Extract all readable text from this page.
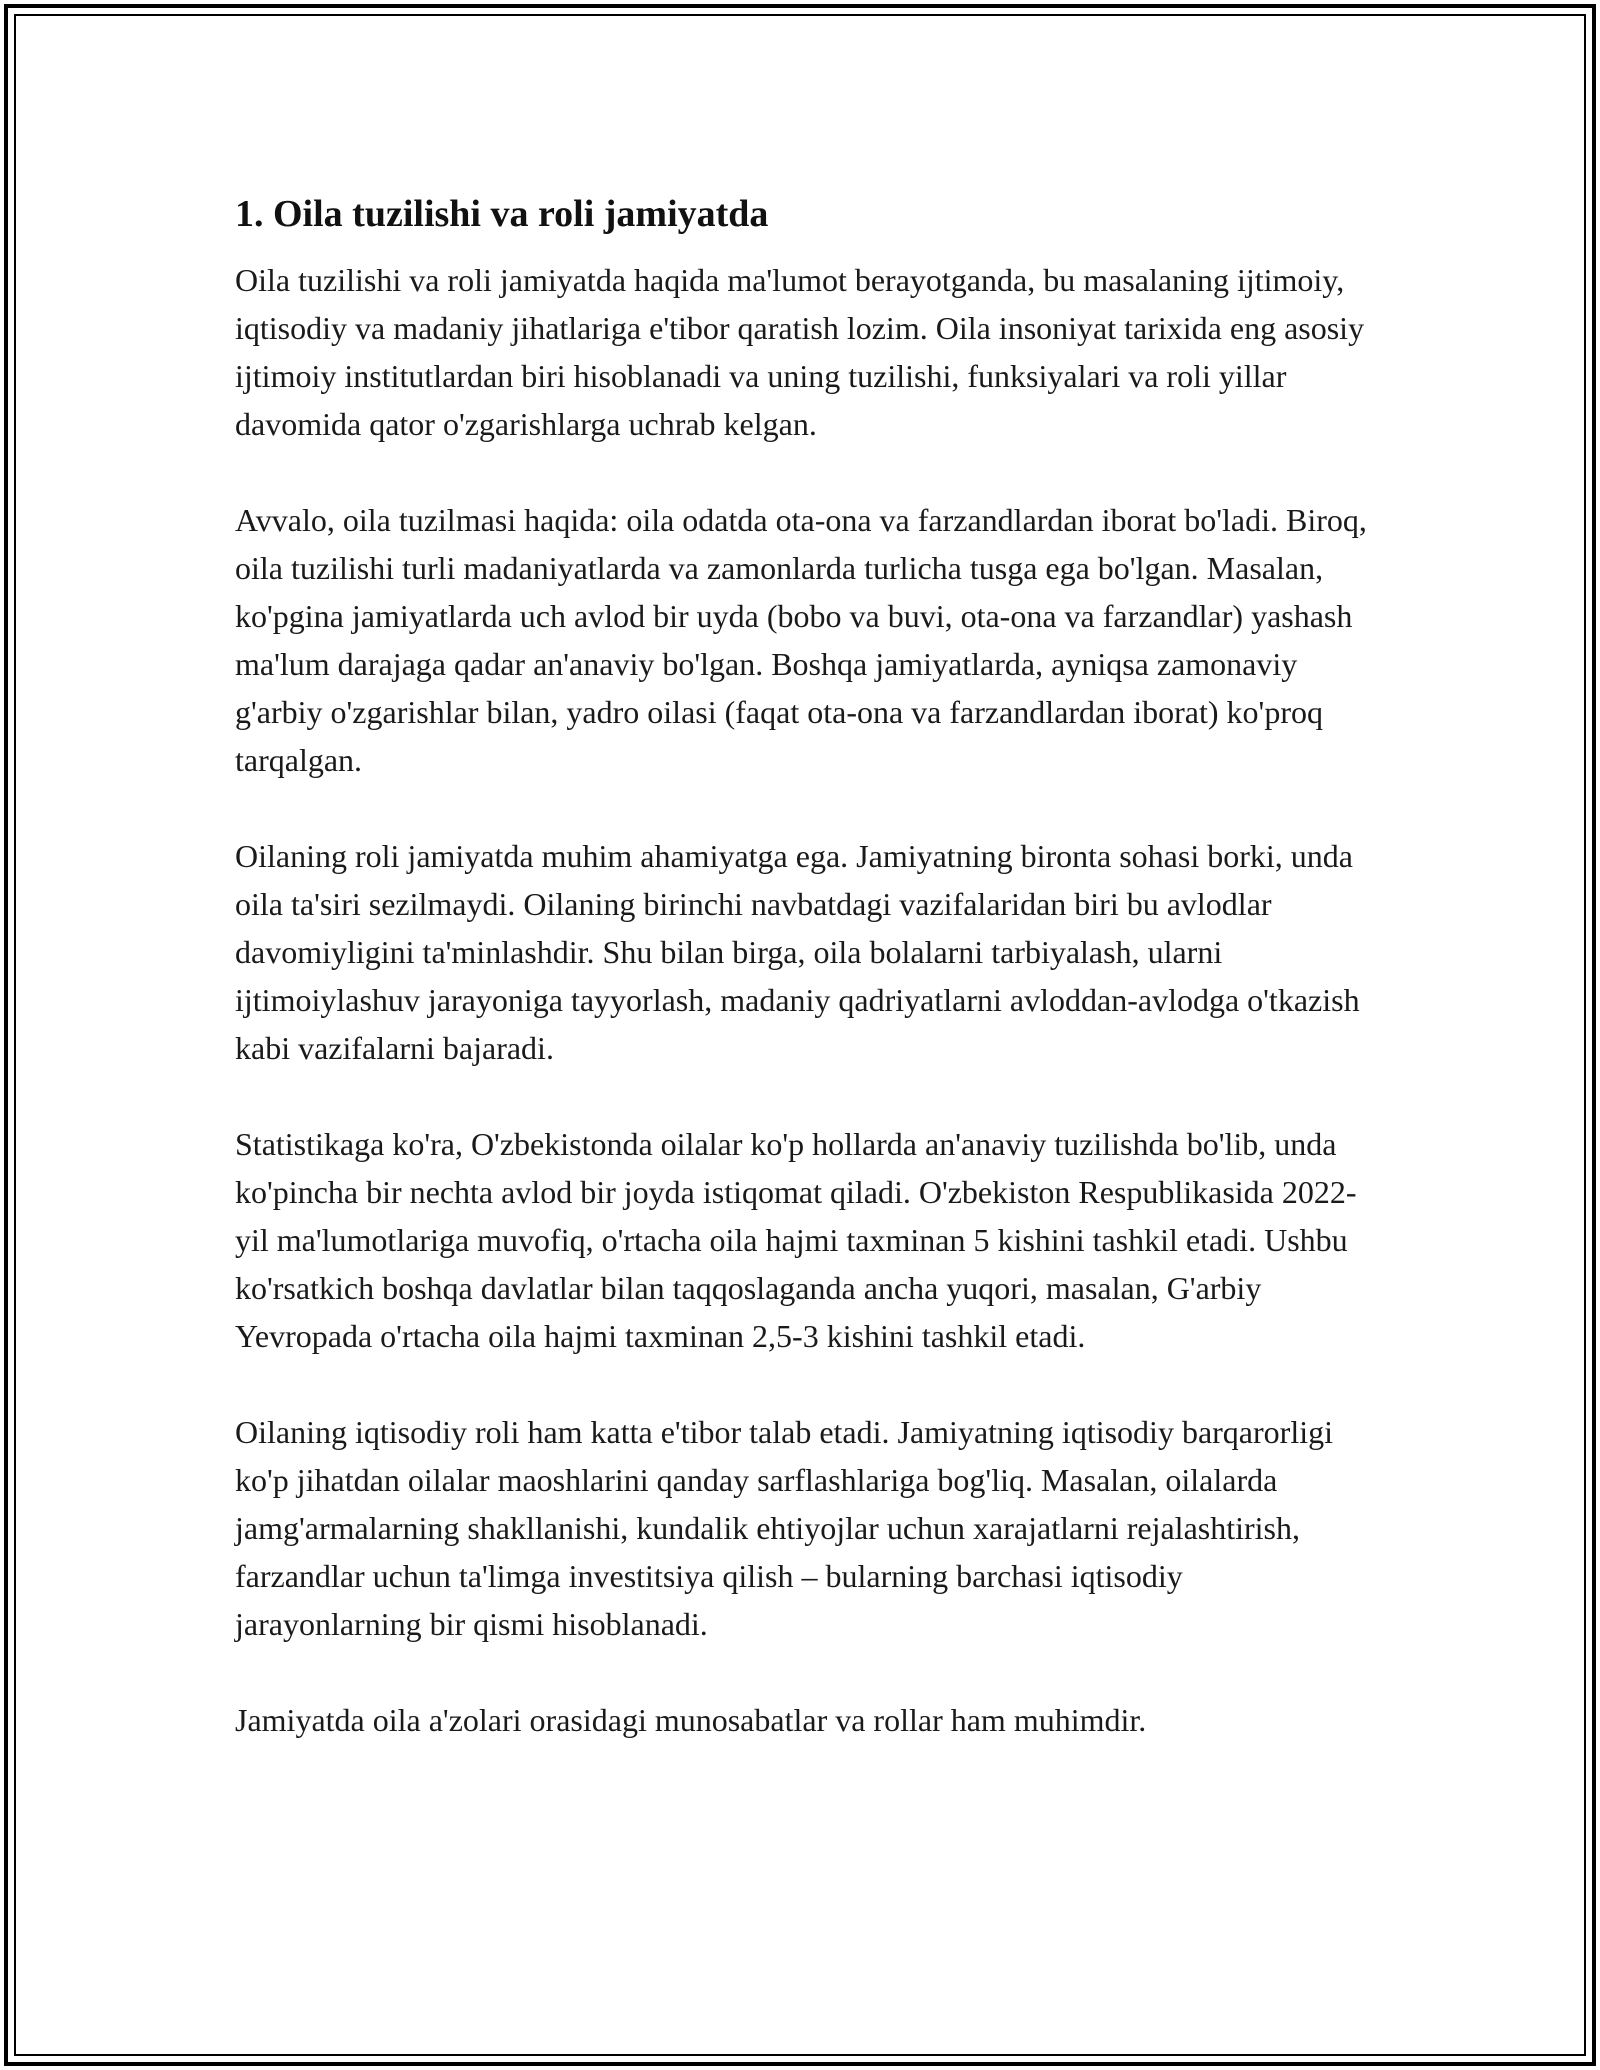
1. Oila tuzilishi va roli jamiyatda

Oila tuzilishi va roli jamiyatda haqida ma'lumot berayotganda, bu masalaning ijtimoiy, iqtisodiy va madaniy jihatlariga e'tibor qaratish lozim. Oila insoniyat tarixida eng asosiy ijtimoiy institutlardan biri hisoblanadi va uning tuzilishi, funksiyalari va roli yillar davomida qator o'zgarishlarga uchrab kelgan.

Avvalo, oila tuzilmasi haqida: oila odatda ota-ona va farzandlardan iborat bo'ladi. Biroq, oila tuzilishi turli madaniyatlarda va zamonlarda turlicha tusga ega bo'lgan. Masalan, ko'pgina jamiyatlarda uch avlod bir uyda (bobo va buvi, ota-ona va farzandlar) yashash ma'lum darajaga qadar an'anaviy bo'lgan. Boshqa jamiyatlarda, ayniqsa zamonaviy g'arbiy o'zgarishlar bilan, yadro oilasi (faqat ota-ona va farzandlardan iborat) ko'proq tarqalgan.

Oilaning roli jamiyatda muhim ahamiyatga ega. Jamiyatning bironta sohasi borki, unda oila ta'siri sezilmaydi. Oilaning birinchi navbatdagi vazifalaridan biri bu avlodlar davomiyligini ta'minlashdir. Shu bilan birga, oila bolalarni tarbiyalash, ularni ijtimoiylashuv jarayoniga tayyorlash, madaniy qadriyatlarni avloddan-avlodga o'tkazish kabi vazifalarni bajaradi.

Statistikaga ko'ra, O'zbekistonda oilalar ko'p hollarda an'anaviy tuzilishda bo'lib, unda ko'pincha bir nechta avlod bir joyda istiqomat qiladi. O'zbekiston Respublikasida 2022-yil ma'lumotlariga muvofiq, o'rtacha oila hajmi taxminan 5 kishini tashkil etadi. Ushbu ko'rsatkich boshqa davlatlar bilan taqqoslaganda ancha yuqori, masalan, G'arbiy Yevropada o'rtacha oila hajmi taxminan 2,5-3 kishini tashkil etadi.

Oilaning iqtisodiy roli ham katta e'tibor talab etadi. Jamiyatning iqtisodiy barqarorligi ko'p jihatdan oilalar maoshlarini qanday sarflashlariga bog'liq. Masalan, oilalarda jamg'armalarning shakllanishi, kundalik ehtiyojlar uchun xarajatlarni rejalashtirish, farzandlar uchun ta'limga investitsiya qilish – bularning barchasi iqtisodiy jarayonlarning bir qismi hisoblanadi.

Jamiyatda oila a'zolari orasidagi munosabatlar va rollar ham muhimdir.
